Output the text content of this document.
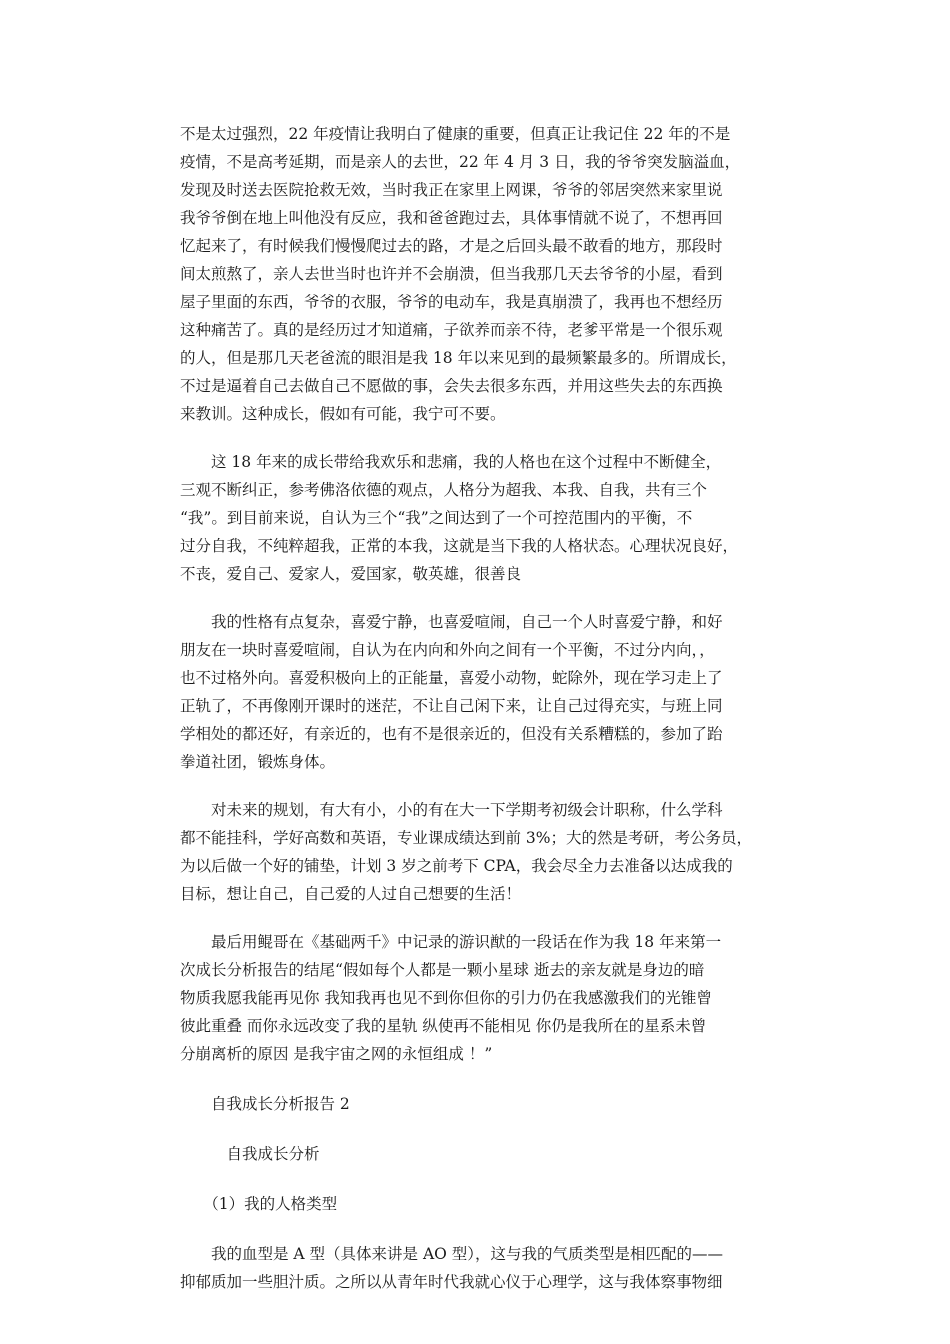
不是太过强烈，22 年疫情让我明白了健康的重要，但真正让我记住 22 年的不是
疫情，不是高考延期，而是亲人的去世，22 年 4 月 3 日，我的爷爷突发脑溢血，
发现及时送去医院抢救无效，当时我正在家里上网课，爷爷的邻居突然来家里说
我爷爷倒在地上叫他没有反应，我和爸爸跑过去，具体事情就不说了，不想再回
忆起来了，有时候我们慢慢爬过去的路，才是之后回头最不敢看的地方，那段时
间太煎熬了，亲人去世当时也许并不会崩溃，但当我那几天去爷爷的小屋，看到
屋子里面的东西，爷爷的衣服，爷爷的电动车，我是真崩溃了，我再也不想经历
这种痛苦了。真的是经历过才知道痛，子欲养而亲不待，老爹平常是一个很乐观
的人，但是那几天老爸流的眼泪是我 18 年以来见到的最频繁最多的。所谓成长，
不过是逼着自己去做自己不愿做的事，会失去很多东西，并用这些失去的东西换
来教训。这种成长，假如有可能，我宁可不要。
　　这 18 年来的成长带给我欢乐和悲痛，我的人格也在这个过程中不断健全，
三观不断纠正，参考佛洛依德的观点，人格分为超我、本我、自我，共有三个
“我”。到目前来说，自认为三个“我”之间达到了一个可控范围内的平衡，不
过分自我，不纯粹超我，正常的本我，这就是当下我的人格状态。心理状况良好，
不丧，爱自己、爱家人，爱国家，敬英雄，很善良
　　我的性格有点复杂，喜爱宁静，也喜爱喧闹，自己一个人时喜爱宁静，和好
朋友在一块时喜爱喧闹，自认为在内向和外向之间有一个平衡，不过分内向，，
也不过格外向。喜爱积极向上的正能量，喜爱小动物，蛇除外，现在学习走上了
正轨了，不再像刚开课时的迷茫，不让自己闲下来，让自己过得充实，与班上同
学相处的都还好，有亲近的，也有不是很亲近的，但没有关系糟糕的，参加了跆
拳道社团，锻炼身体。
　　对未来的规划，有大有小，小的有在大一下学期考初级会计职称，什么学科
都不能挂科，学好高数和英语，专业课成绩达到前 3%；大的然是考研，考公务员，
为以后做一个好的铺垫，计划 3 岁之前考下 CPA，我会尽全力去准备以达成我的
目标，想让自己，自己爱的人过自己想要的生活！
　　最后用鲲哥在《基础两千》中记录的游识猷的一段话在作为我 18 年来第一
次成长分析报告的结尾“假如每个人都是一颗小星球 逝去的亲友就是身边的暗
物质我愿我能再见你 我知我再也见不到你但你的引力仍在我感激我们的光锥曾
彼此重叠 而你永远改变了我的星轨 纵使再不能相见 你仍是我所在的星系未曾
分崩离析的原因 是我宇宙之网的永恒组成 ！”
　　自我成长分析报告 2
　　　自我成长分析
　　（1）我的人格类型
　　我的血型是 A 型（具体来讲是 AO 型），这与我的气质类型是相匹配的——
抑郁质加一些胆汁质。之所以从青年时代我就心仪于心理学，这与我体察事物细
